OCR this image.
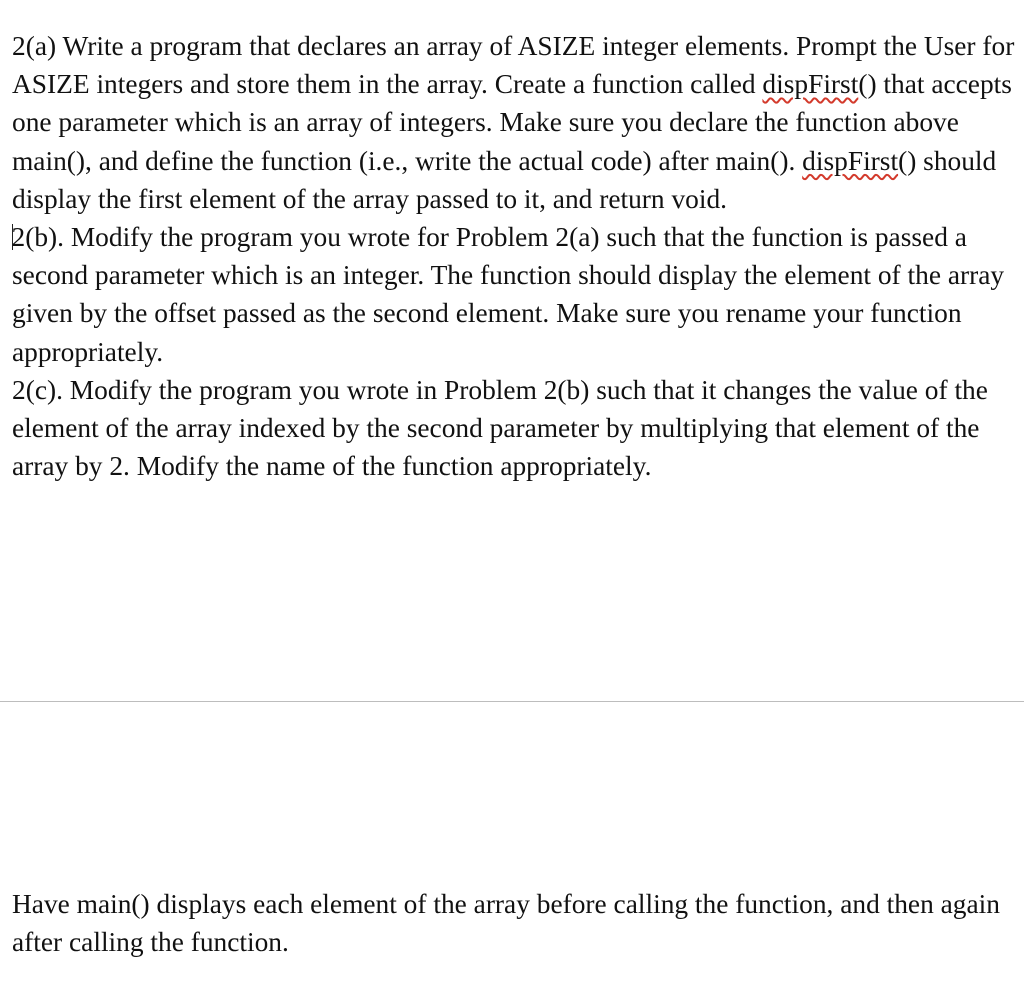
2(a) Write a program that declares an array of ASIZE integer elements. Prompt the User for ASIZE integers and store them in the array. Create a function called dispFirst() that accepts one parameter which is an array of integers. Make sure you declare the function above main(), and define the function (i.e., write the actual code) after main(). dispFirst() should display the first element of the array passed to it, and return void.

2(b). Modify the program you wrote for Problem 2(a) such that the function is passed a second parameter which is an integer. The function should display the element of the array given by the offset passed as the second element. Make sure you rename your function appropriately.

2(c). Modify the program you wrote in Problem 2(b) such that it changes the value of the element of the array indexed by the second parameter by multiplying that element of the array by 2. Modify the name of the function appropriately.

Have main() displays each element of the array before calling the function, and then again after calling the function.
